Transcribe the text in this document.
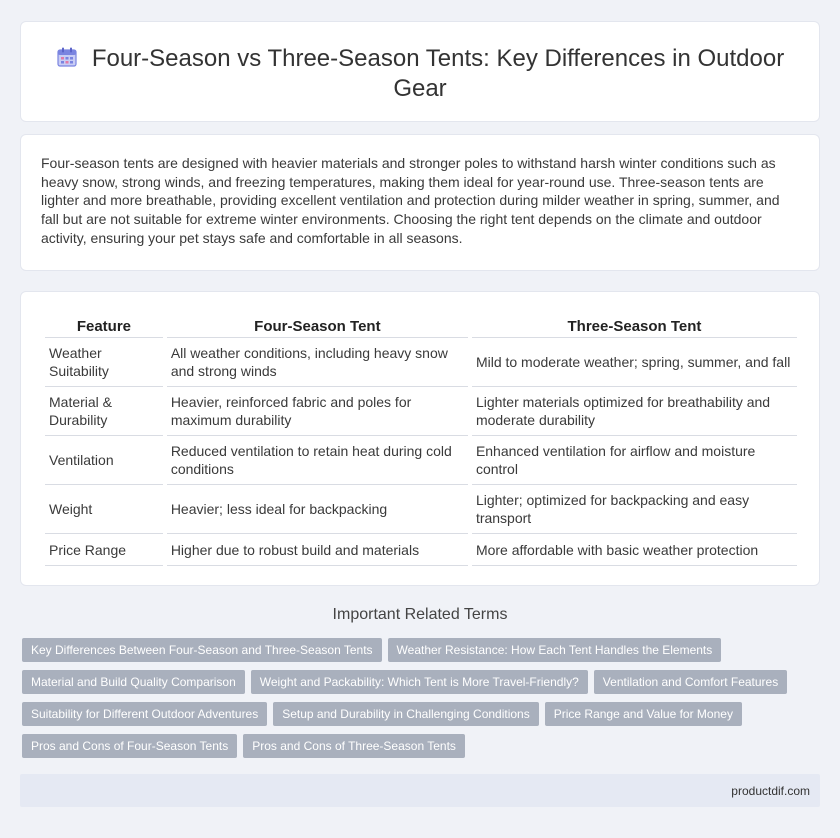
Four-Season vs Three-Season Tents: Key Differences in Outdoor Gear

Four-season tents are designed with heavier materials and stronger poles to withstand harsh winter conditions such as heavy snow, strong winds, and freezing temperatures, making them ideal for year-round use. Three-season tents are lighter and more breathable, providing excellent ventilation and protection during milder weather in spring, summer, and fall but are not suitable for extreme winter environments. Choosing the right tent depends on the climate and outdoor activity, ensuring your pet stays safe and comfortable in all seasons.

Feature	Four-Season Tent	Three-Season Tent
Weather Suitability	All weather conditions, including heavy snow and strong winds	Mild to moderate weather; spring, summer, and fall
Material & Durability	Heavier, reinforced fabric and poles for maximum durability	Lighter materials optimized for breathability and moderate durability
Ventilation	Reduced ventilation to retain heat during cold conditions	Enhanced ventilation for airflow and moisture control
Weight	Heavier; less ideal for backpacking	Lighter; optimized for backpacking and easy transport
Price Range	Higher due to robust build and materials	More affordable with basic weather protection
Important Related Terms
Key Differences Between Four-Season and Three-Season Tents	Weather Resistance: How Each Tent Handles the Elements
Material and Build Quality Comparison	Weight and Packability: Which Tent is More Travel-Friendly?	Ventilation and Comfort Features
Suitability for Different Outdoor Adventures	Setup and Durability in Challenging Conditions	Price Range and Value for Money
Pros and Cons of Four-Season Tents	Pros and Cons of Three-Season Tents
productdif.com
